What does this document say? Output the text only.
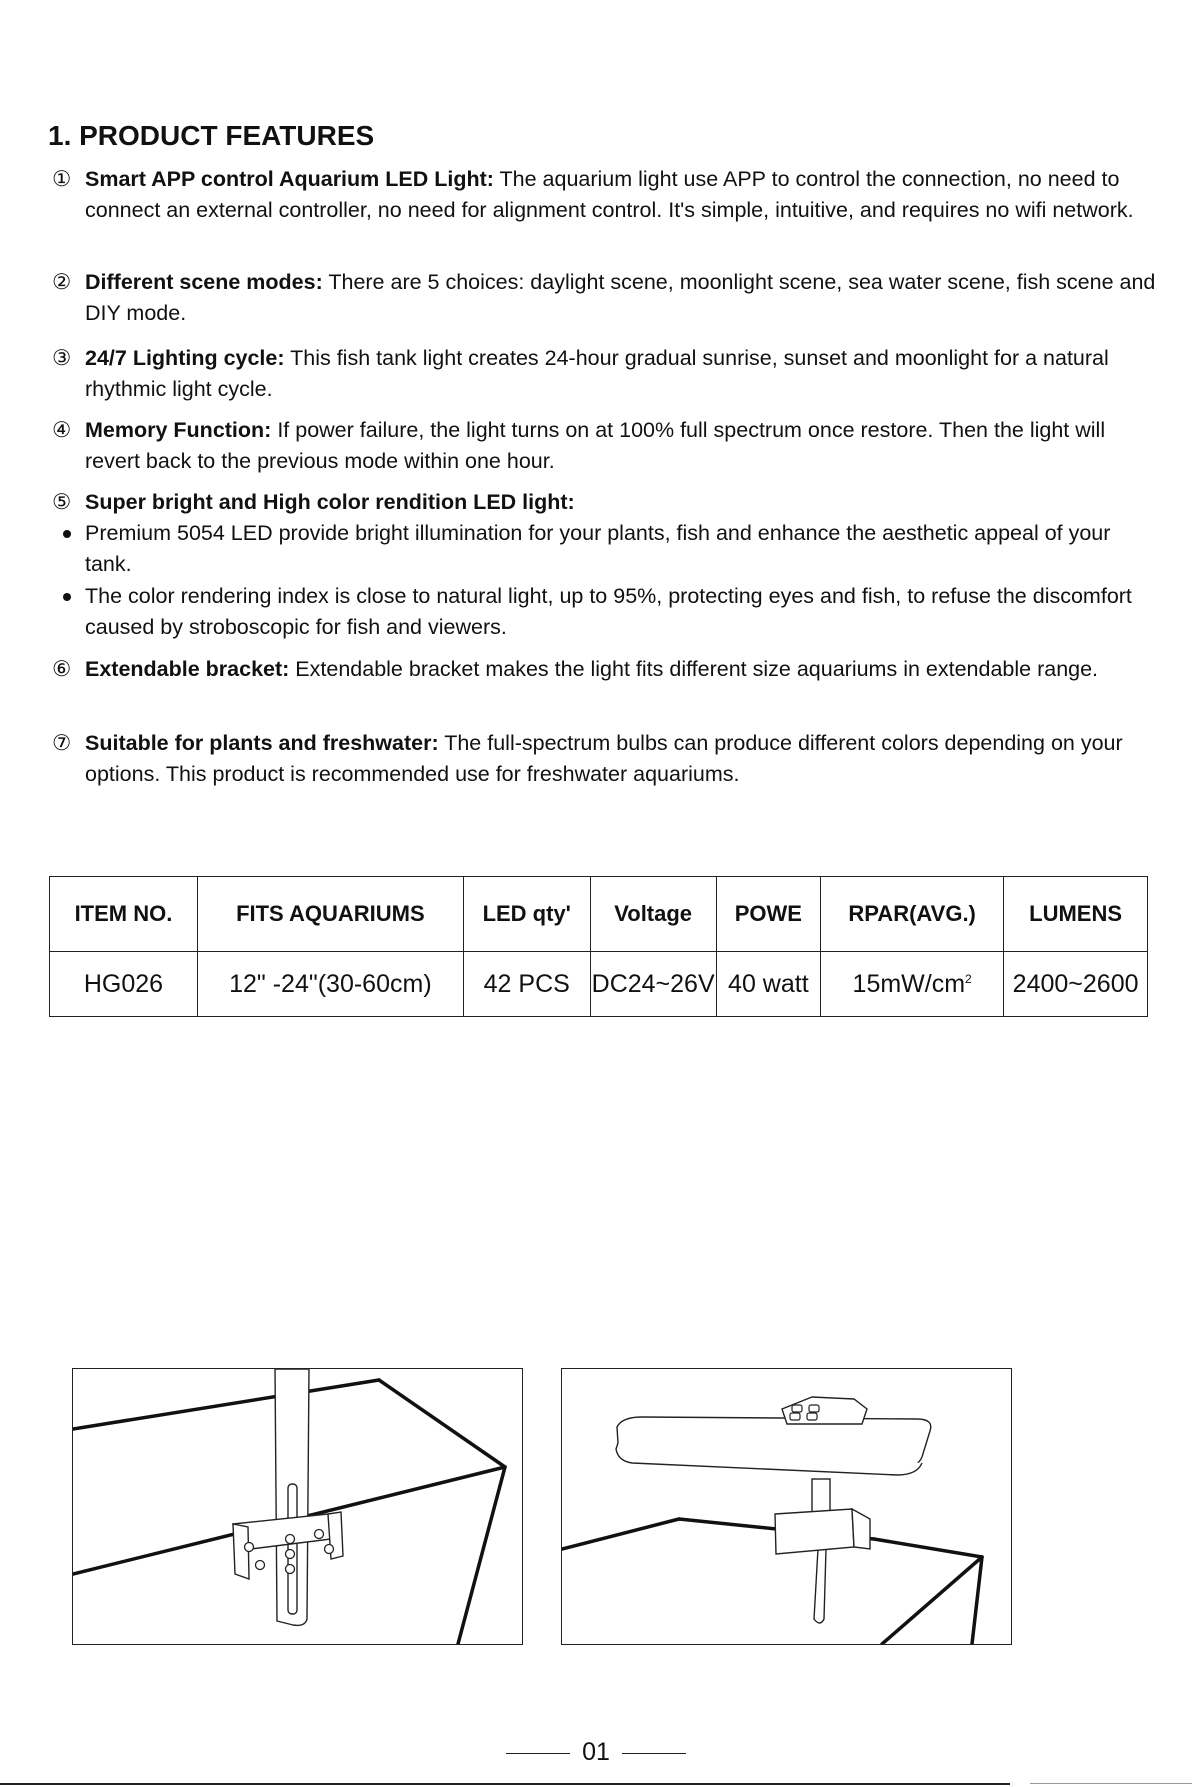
1. PRODUCT FEATURES
① Smart APP control Aquarium LED Light: The aquarium light use APP to control the connection, no need to connect an external controller, no need for alignment control. It's simple, intuitive, and requires no wifi network.
② Different scene modes: There are 5 choices: daylight scene, moonlight scene, sea water scene, fish scene and DIY mode.
③ 24/7 Lighting cycle: This fish tank light creates 24-hour gradual sunrise, sunset and moonlight for a natural rhythmic light cycle.
④ Memory Function: If power failure, the light turns on at 100% full spectrum once restore. Then the light will revert back to the previous mode within one hour.
⑤ Super bright and High color rendition LED light:
Premium 5054 LED provide bright illumination for your plants, fish and enhance the aesthetic appeal of your tank.
The color rendering index is close to natural light, up to 95%, protecting eyes and fish, to refuse the discomfort caused by stroboscopic for fish and viewers.
⑥ Extendable bracket: Extendable bracket makes the light fits different size aquariums in extendable range.
⑦ Suitable for plants and freshwater: The full-spectrum bulbs can produce different colors depending on your options. This product is recommended use for freshwater aquariums.
ITEM NO.	FITS AQUARIUMS	LED qty'	Voltage	POWE	RPAR(AVG.)	LUMENS
HG026	12" -24"(30-60cm)	42 PCS	DC24~26V	40 watt	$15mW/cm^2$	2400~2600
01
